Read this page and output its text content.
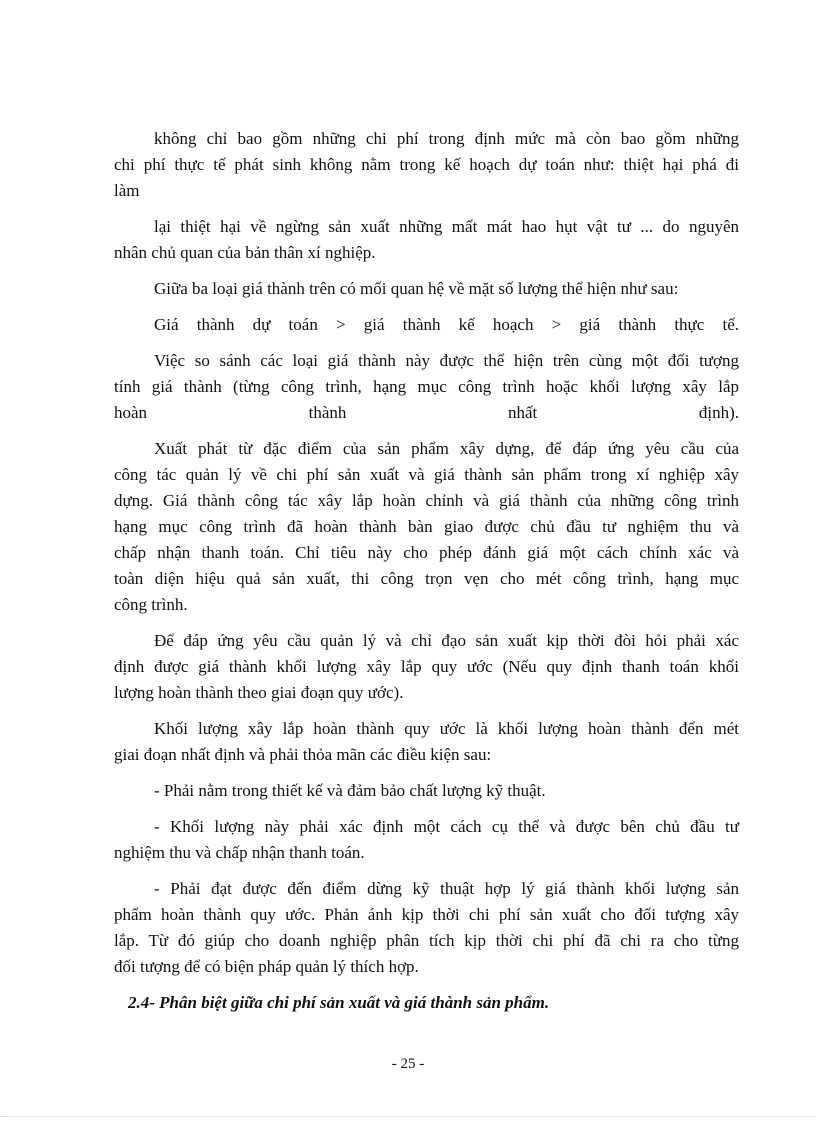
không chỉ bao gồm những chi phí trong định mức mà còn bao gồm những

chi phí thực tế phát sinh không nằm trong kế hoạch dự toán như: thiệt hại phá đi

làm

lại thiệt hại về ngừng sản xuất những mất mát hao hụt vật tư ... do nguyên

nhân chủ quan của bản thân xí nghiệp.

Giữa ba loại giá thành trên có mối quan hệ về mặt số lượng thể hiện như sau:

Giá thành dự toán > giá thành kế hoạch > giá thành thực tế.

Việc so sánh các loại giá thành này được thể hiện trên cùng một đối tượng

tính giá thành (từng công trình, hạng mục công trình hoặc khối lượng xây lắp

hoàn thành nhất định).

Xuất phát từ đặc điểm của sản phẩm xây dựng, để đáp ứng yêu cầu của

công tác quản lý về chi phí sản xuất và giá thành sản phẩm trong xí nghiệp xây

dựng. Giá thành công tác xây lắp hoàn chỉnh và giá thành của những công trình

hạng mục công trình đã hoàn thành bàn giao được chủ đầu tư nghiệm thu và

chấp nhận thanh toán. Chỉ tiêu này cho phép đánh giá một cách chính xác và

toàn diện hiệu quả sản xuất, thi công trọn vẹn cho mét công trình, hạng mục

công trình.

Để đáp ứng yêu cầu quản lý và chỉ đạo sản xuất kịp thời đòi hỏi phải xác

định được giá thành khối lượng xây lắp quy ước (Nếu quy định thanh toán khối

lượng hoàn thành theo giai đoạn quy ước).

Khối lượng xây lắp hoàn thành quy ước là khối lượng hoàn thành đến mét

giai đoạn nhất định và phải thỏa mãn các điều kiện sau:

- Phải nằm trong thiết kế và đảm bảo chất lượng kỹ thuật.

- Khối lượng này phải xác định một cách cụ thể và được bên chủ đầu tư

nghiệm thu và chấp nhận thanh toán.

- Phải đạt được đến điểm dừng kỹ thuật hợp lý giá thành khối lượng sản

phẩm hoàn thành quy ước. Phản ánh kịp thời chi phí sản xuất cho đối tượng xây

lắp. Từ đó giúp cho doanh nghiệp phân tích kịp thời chi phí đã chi ra cho từng

đối tượng để có biện pháp quản lý thích hợp.

2.4- Phân biệt giữa chi phí sản xuất và giá thành sản phẩm.

- 25 -
